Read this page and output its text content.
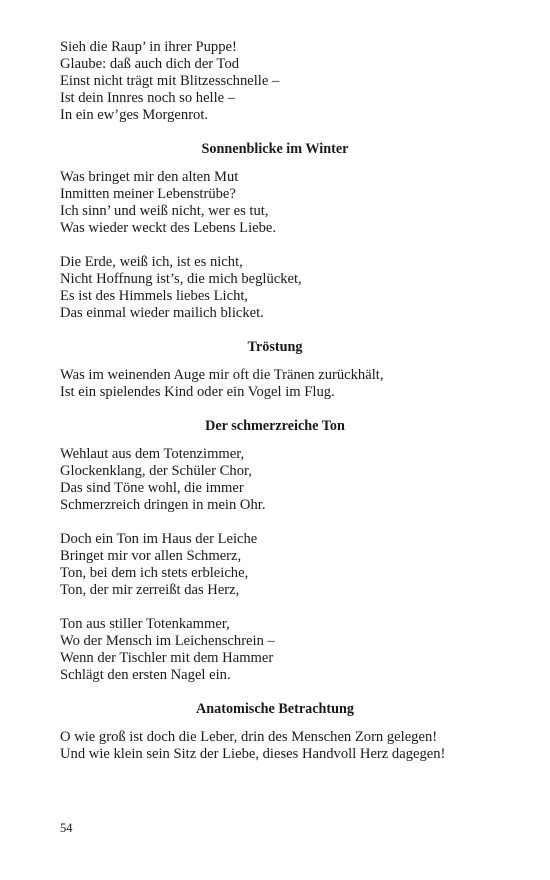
Sieh die Raup’ in ihrer Puppe!
Glaube: daß auch dich der Tod
Einst nicht trägt mit Blitzesschnelle –
Ist dein Innres noch so helle –
In ein ew’ges Morgenrot.
Sonnenblicke im Winter
Was bringet mir den alten Mut
Inmitten meiner Lebenstrübe?
Ich sinn’ und weiß nicht, wer es tut,
Was wieder weckt des Lebens Liebe.
Die Erde, weiß ich, ist es nicht,
Nicht Hoffnung ist’s, die mich beglücket,
Es ist des Himmels liebes Licht,
Das einmal wieder mailich blicket.
Tröstung
Was im weinenden Auge mir oft die Tränen zurückhält,
Ist ein spielendes Kind oder ein Vogel im Flug.
Der schmerzreiche Ton
Wehlaut aus dem Totenzimmer,
Glockenklang, der Schüler Chor,
Das sind Töne wohl, die immer
Schmerzreich dringen in mein Ohr.
Doch ein Ton im Haus der Leiche
Bringet mir vor allen Schmerz,
Ton, bei dem ich stets erbleiche,
Ton, der mir zerreißt das Herz,
Ton aus stiller Totenkammer,
Wo der Mensch im Leichenschrein –
Wenn der Tischler mit dem Hammer
Schlägt den ersten Nagel ein.
Anatomische Betrachtung
O wie groß ist doch die Leber, drin des Menschen Zorn gelegen!
Und wie klein sein Sitz der Liebe, dieses Handvoll Herz dagegen!
54
